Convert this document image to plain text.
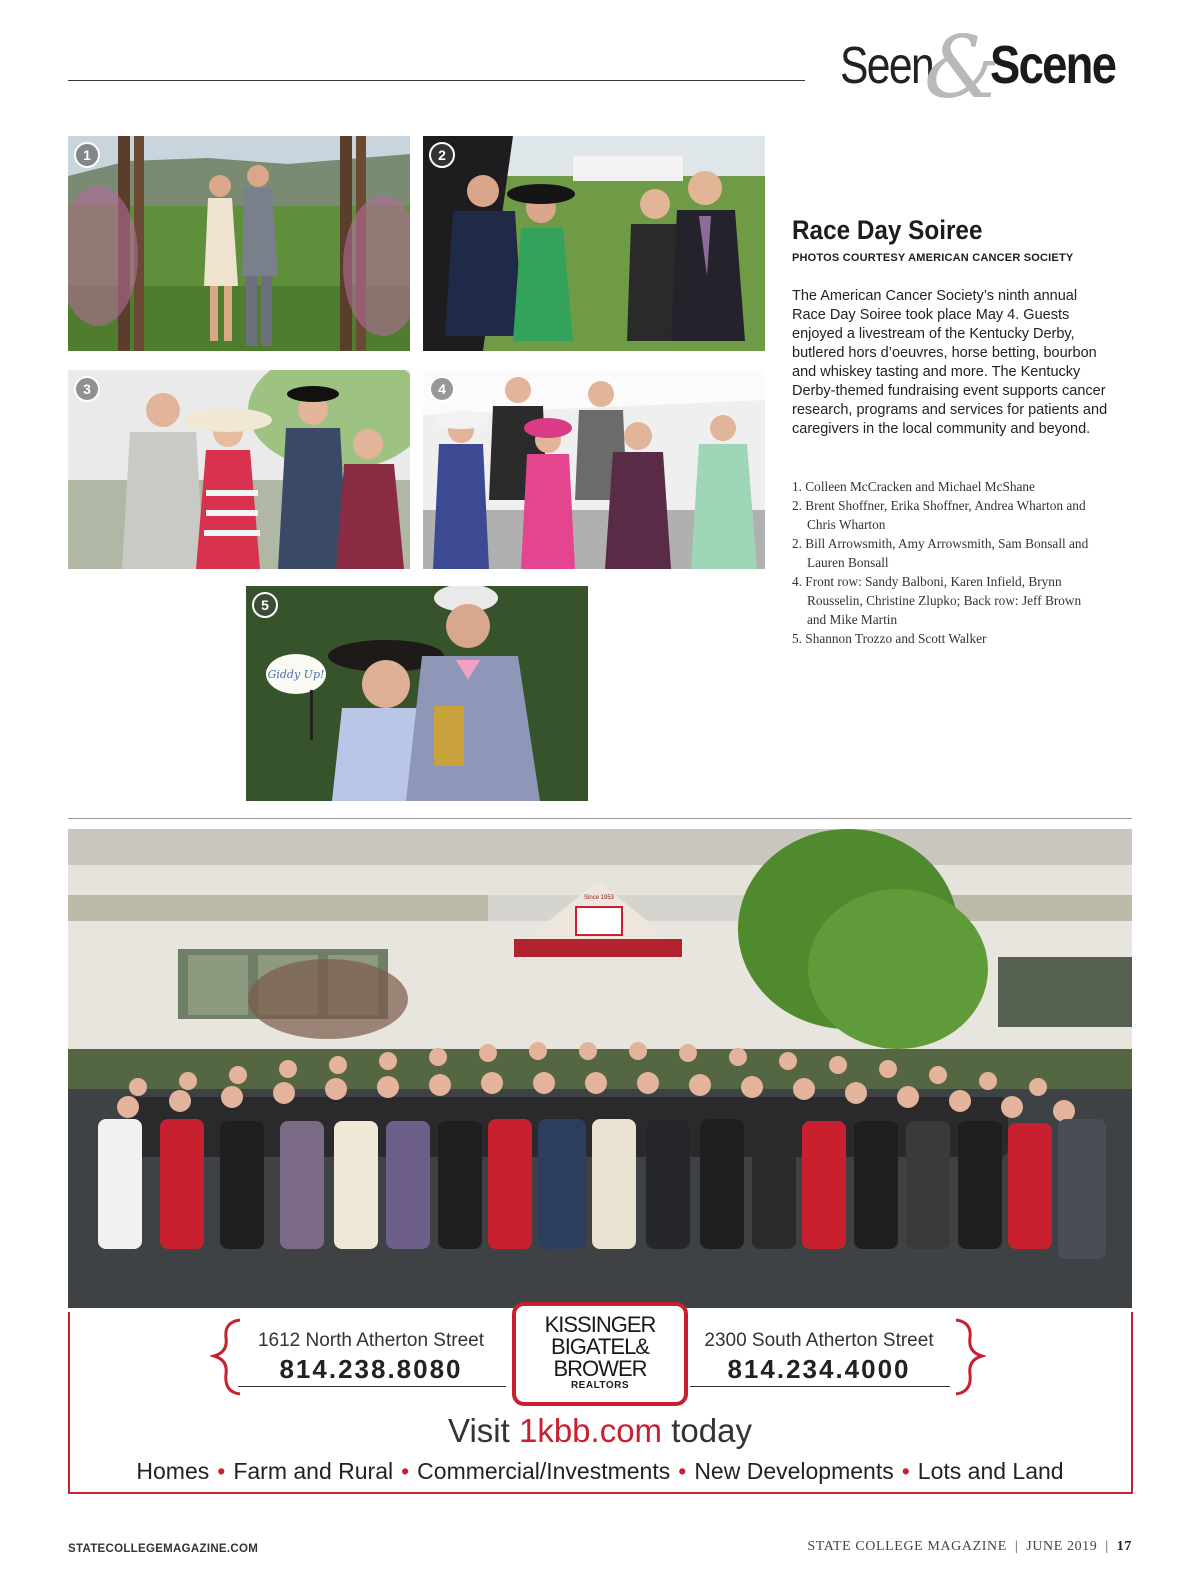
Seen
&
Scene
1	2
3	4
Giddy Up!
5
Race Day Soiree
PHOTOS COURTESY AMERICAN CANCER SOCIETY
The American Cancer Society’s ninth annual Race Day Soiree took place May 4. Guests enjoyed a livestream of the Kentucky Derby, butlered hors d’oeuvres, horse betting, bourbon and whiskey tasting and more. The Kentucky Derby-themed fundraising event supports cancer research, programs and services for patients and caregivers in the local community and beyond.
1. Colleen McCracken and Michael McShane
2. Brent Shoffner, Erika Shoffner, Andrea Wharton and Chris Wharton
2. Bill Arrowsmith, Amy Arrowsmith, Sam Bonsall and Lauren Bonsall
4. Front row: Sandy Balboni, Karen Infield, Brynn Rousselin, Christine Zlupko; Back row: Jeff Brown and Mike Martin
5. Shannon Trozzo and Scott Walker
Since 1953
1612 North Atherton Street
814.238.8080
2300 South Atherton Street
814.234.4000
KISSINGER
BIGATEL&
BROWER
REALTORS
Visit 1kbb.com today
Homes • Farm and Rural • Commercial/Investments • New Developments • Lots and Land
STATECOLLEGEMAGAZINE.COM	STATE COLLEGE MAGAZINE | JUNE 2019 | 17
